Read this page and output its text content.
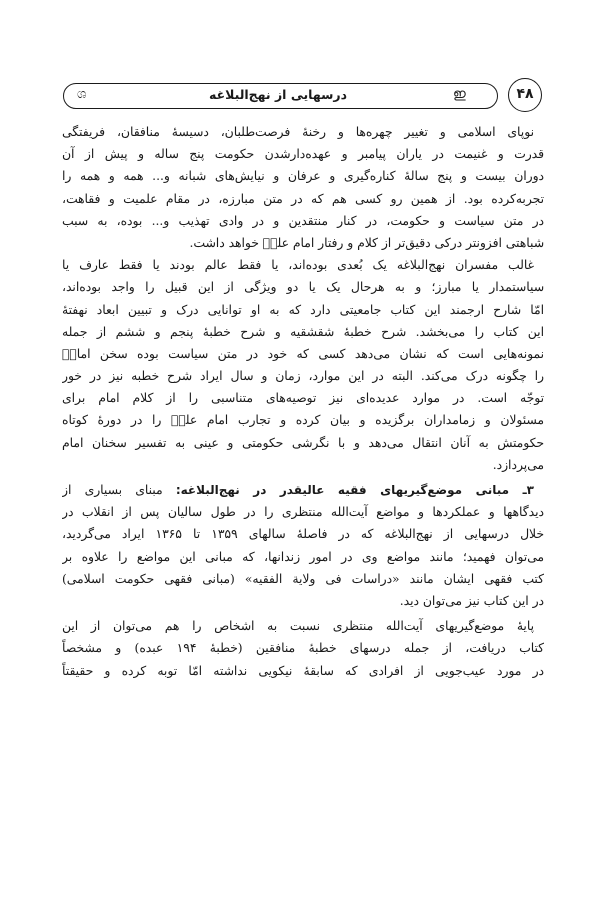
ශ	درسهایی از نهج‌البلاغه	ഇ	۴۸
نوپای اسلامی و تغییر چهره‌ها و رخنهٔ فرصت‌طلبان، دسیسهٔ منافقان، فریفتگی
قدرت و غنیمت در یاران پیامبر و عهده‌دارشدن حکومت پنج ساله و پیش از آن
دوران بیست و پنج سالهٔ کناره‌گیری و عرفان و نیایش‌های شبانه و... همه و همه را
تجربه‌کرده بود. از همین رو کسی هم که در متن مبارزه، در مقام علمیت و فقاهت،
در متن سیاست و حکومت، در کنار منتقدین و در وادی تهذیب و... بوده، به سبب
شباهتی افزونتر درکی دقیق‌تر از کلام و رفتار امام علیؑ خواهد داشت.
غالب مفسران نهج‌البلاغه یک بُعدی بوده‌اند، یا فقط عالم بودند یا فقط عارف یا
سیاستمدار یا مبارز؛ و به هرحال یک یا دو ویژگی از این قبیل را واجد بوده‌اند،
امّا شارح ارجمند این کتاب جامعیتی دارد که به او توانایی درک و تبیین ابعاد نهفتهٔ
این کتاب را می‌بخشد. شرح خطبهٔ شقشقیه و شرح خطبهٔ پنجم و ششم از جمله
نمونه‌هایی است که نشان می‌دهد کسی که خود در متن سیاست بوده سخن امامؑ
را چگونه درک می‌کند. البته در این موارد، زمان و سال ایراد شرح خطبه نیز در خور
توجّه است. در موارد عدیده‌ای نیز توصیه‌های متناسبی را از کلام امام برای
مسئولان و زمامداران برگزیده و بیان کرده و تجارب امام علیؑ را در دورهٔ کوتاه
حکومتش به آنان انتقال می‌دهد و با نگرشی حکومتی و عینی به تفسیر سخنان امام
می‌پردازد.
۳ـ مبانی موضع‌گیریهای فقیه عالیقدر در نهج‌البلاغه: مبنای بسیاری از
دیدگاهها و عملکردها و مواضع آیت‌الله منتظری را در طول سالیان پس از انقلاب در
خلال درسهایی از نهج‌البلاغه که در فاصلهٔ سالهای ۱۳۵۹ تا ۱۳۶۵ ایراد می‌گردید،
می‌توان فهمید؛ مانند مواضع وی در امور زندانها، که مبانی این مواضع را علاوه بر
کتب فقهی ایشان مانند «دراسات فی ولایة الفقیه» (مبانی فقهی حکومت اسلامی)
در این کتاب نیز می‌توان دید.
پایهٔ موضع‌گیریهای آیت‌الله منتظری نسبت به اشخاص را هم می‌توان از این
کتاب دریافت، از جمله درسهای خطبهٔ منافقین (خطبهٔ ۱۹۴ عبده) و مشخصاً
در مورد عیب‌جویی از افرادی که سابقهٔ نیکویی نداشته امّا توبه کرده و حقیقتاً
